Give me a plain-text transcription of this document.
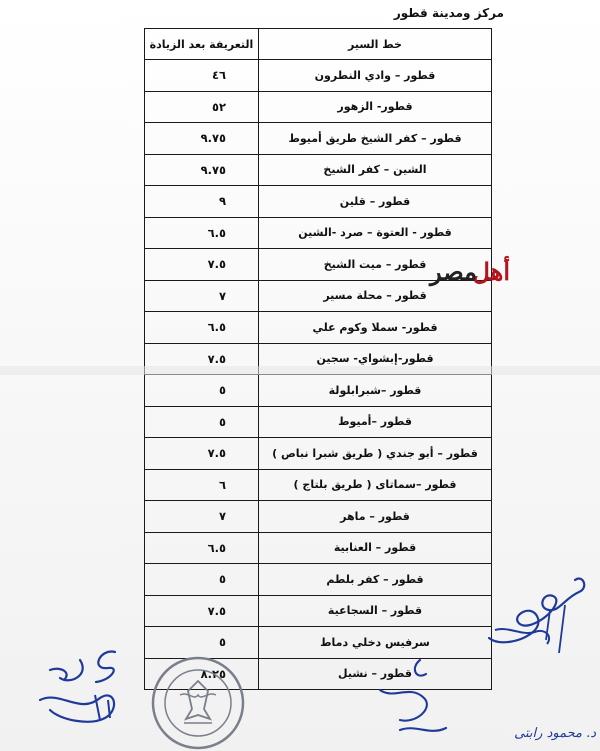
مركز ومدينة قطور
التعريفة بعد الزيادة	خط السير
٤٦	قطور – وادي النطرون
٥٢	قطور- الزهور
٩.٧٥	قطور – كفر الشيخ طريق أميوط
٩.٧٥	الشين – كفر الشيخ
٩	قطور – قلين
٦.٥	قطور - العتوة – صرد -الشين
٧.٥	قطور – ميت الشيخ
٧	قطور – محلة مسير
٦.٥	قطور- سملا وكوم علي
٧.٥	قطور-إبشواي- سجين
٥	قطور –شبرابلولة
٥	قطور –أميوط
٧.٥	قطور – أبو جندي ( طريق شبرا نباص )
٦	قطور –سماتاى ( طريق بلتاج )
٧	قطور – ماهر
٦.٥	قطور – العنابية
٥	قطور – كفر بلطم
٧.٥	قطور – السجاعية
٥	سرفيس دخلي دماط
٨.٢٥	قطور – نشيل
أهل
مصر
د. محمود رابتی
